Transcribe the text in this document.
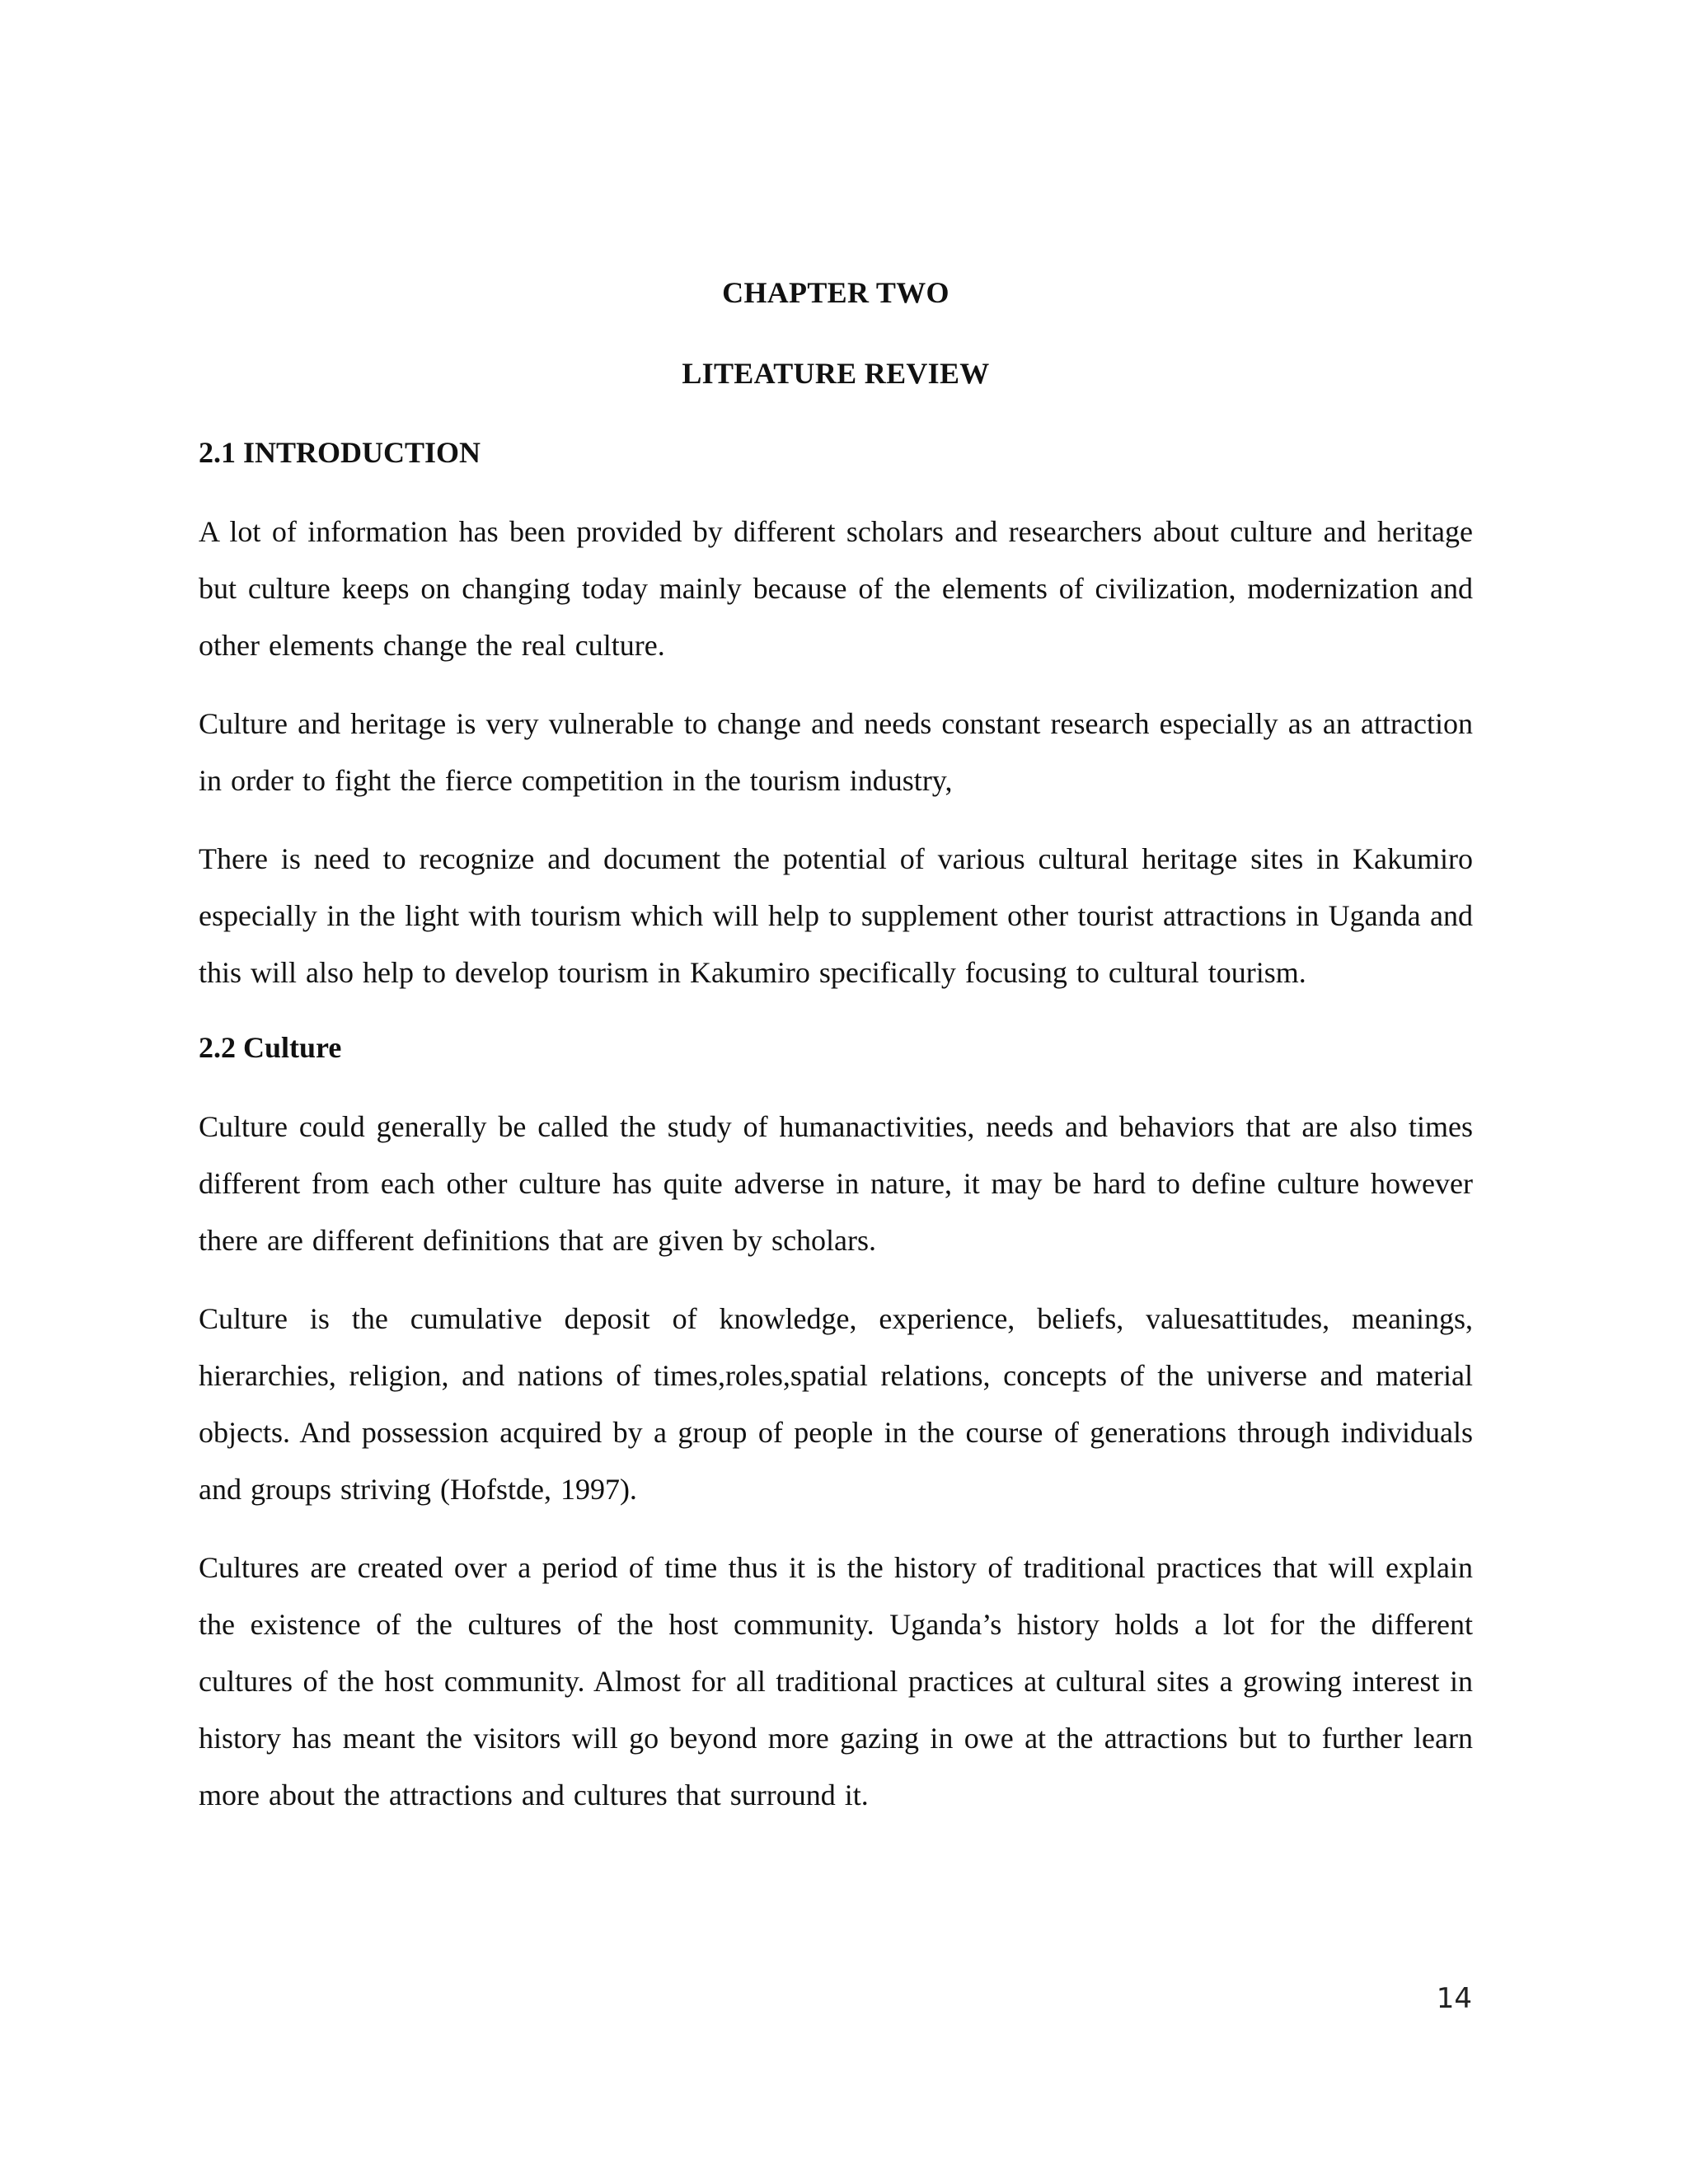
CHAPTER TWO
LITEATURE REVIEW
2.1 INTRODUCTION

A lot of information has been provided by different scholars and researchers about culture and heritage but culture keeps on changing today mainly because of the elements of civilization, modernization and other elements change the real culture.

Culture and heritage is very vulnerable to change and needs constant research especially as an attraction in order to fight the fierce competition in the tourism industry,

There is need to recognize and document the potential of various cultural heritage sites in Kakumiro especially in the light with tourism which will help to supplement other tourist attractions in Uganda and this will also help to develop tourism in Kakumiro specifically focusing to cultural tourism.

2.2 Culture

Culture could generally be called the study of humanactivities, needs and behaviors that are also times different from each other culture has quite adverse in nature, it may be hard to define culture however there are different definitions that are given by scholars.

Culture is the cumulative deposit of knowledge, experience, beliefs, valuesattitudes, meanings, hierarchies, religion, and nations of times,roles,spatial relations, concepts of the universe and material objects. And possession acquired by a group of people in the course of generations through individuals and groups striving (Hofstde, 1997).

Cultures are created over a period of time thus it is the history of traditional practices that will explain the existence of the cultures of the host community. Uganda’s history holds a lot for the different cultures of the host community. Almost for all traditional practices at cultural sites a growing interest in history has meant the visitors will go beyond more gazing in owe at the attractions but to further learn more about the attractions and cultures that surround it.

14
